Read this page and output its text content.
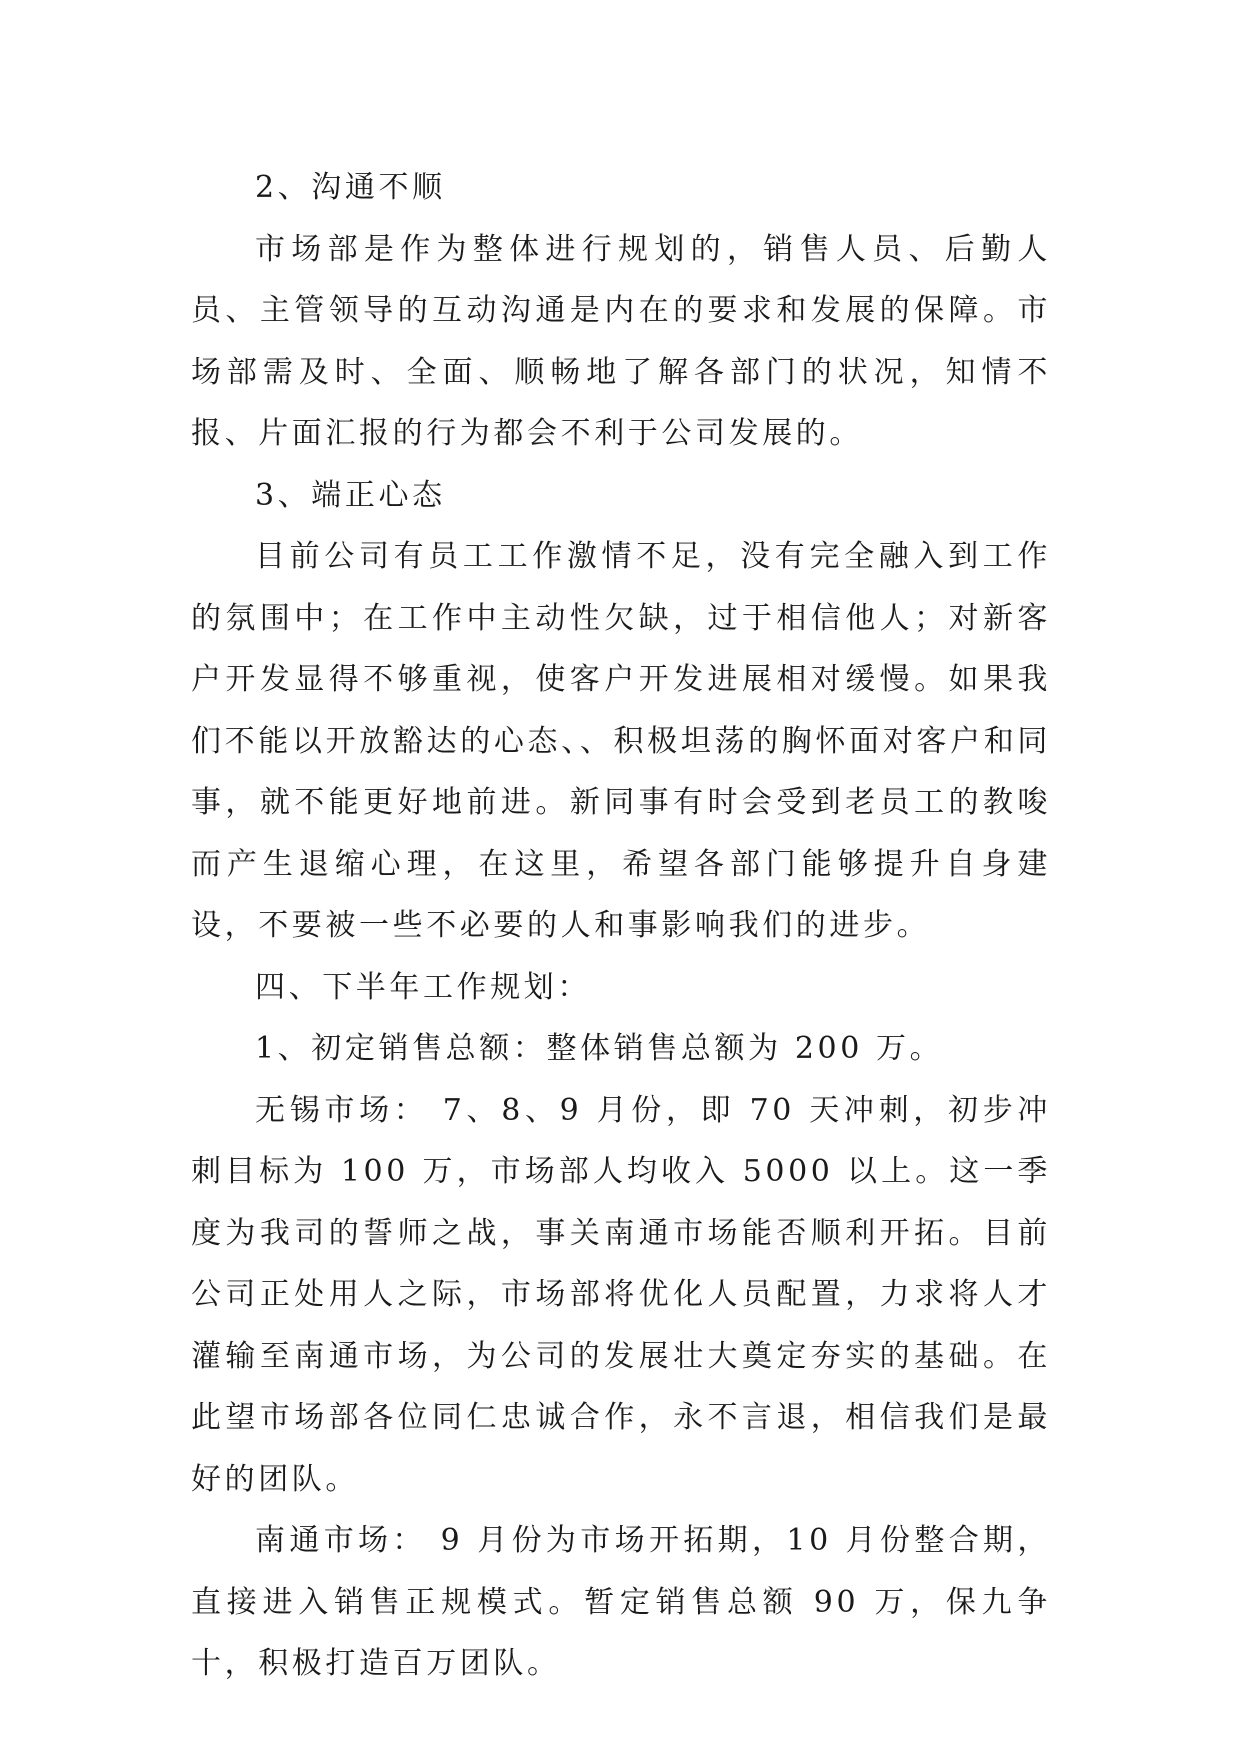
2、沟通不顺

市场部是作为整体进行规划的，销售人员、后勤人员、主管领导的互动沟通是内在的要求和发展的保障。市场部需及时、全面、顺畅地了解各部门的状况，知情不报、片面汇报的行为都会不利于公司发展的。

3、端正心态

目前公司有员工工作激情不足，没有完全融入到工作的氛围中；在工作中主动性欠缺，过于相信他人；对新客户开发显得不够重视，使客户开发进展相对缓慢。如果我们不能以开放豁达的心态、、积极坦荡的胸怀面对客户和同事，就不能更好地前进。新同事有时会受到老员工的教唆而产生退缩心理，在这里，希望各部门能够提升自身建设，不要被一些不必要的人和事影响我们的进步。

四、下半年工作规划：

1、初定销售总额：整体销售总额为 200 万。

无锡市场： 7、8、9 月份，即 70 天冲刺，初步冲刺目标为 100 万，市场部人均收入 5000 以上。这一季度为我司的誓师之战，事关南通市场能否顺利开拓。目前公司正处用人之际，市场部将优化人员配置，力求将人才灌输至南通市场，为公司的发展壮大奠定夯实的基础。在此望市场部各位同仁忠诚合作，永不言退，相信我们是最好的团队。

南通市场： 9 月份为市场开拓期，10 月份整合期，直接进入销售正规模式。暂定销售总额 90 万，保九争十，积极打造百万团队。
